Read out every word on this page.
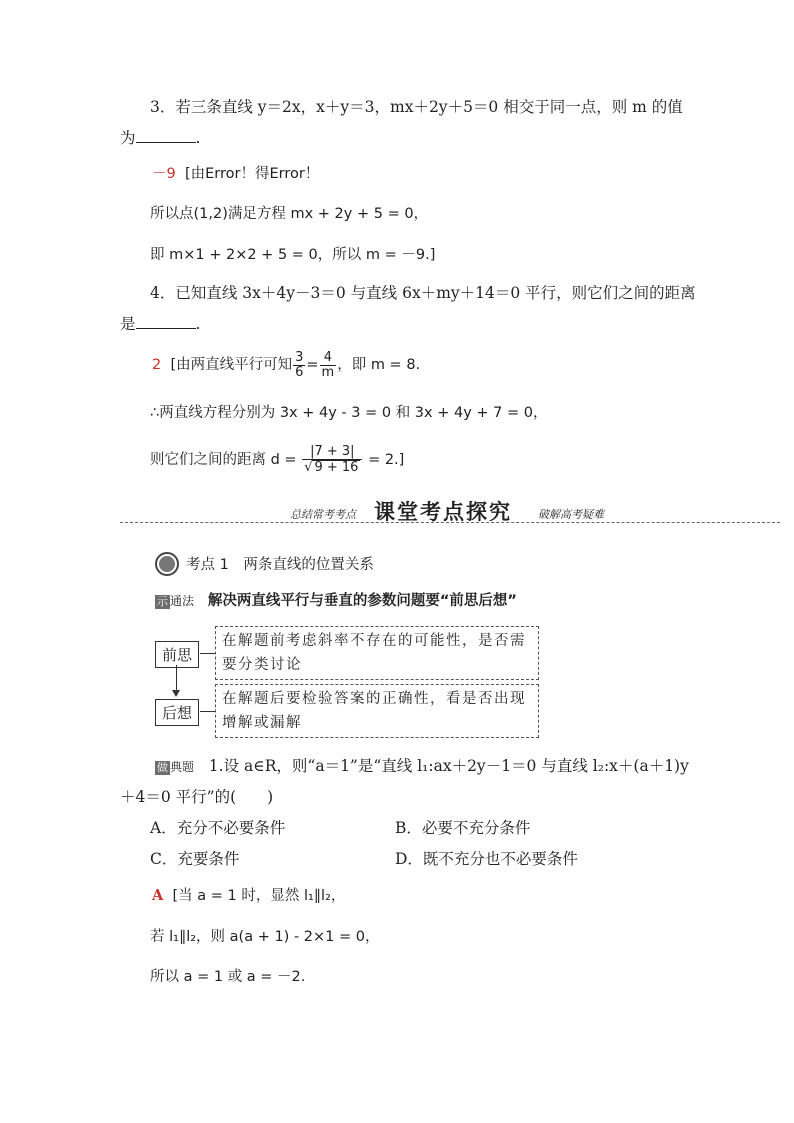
3．若三条直线 y＝2x，x＋y＝3，mx＋2y＋5＝0 相交于同一点，则 m 的值
为	.
－9 [由Error！得Error！
所以点(1,2)满足方程 mx + 2y + 5 = 0，
即 m×1 + 2×2 + 5 = 0，所以 m = －9.]
4．已知直线 3x＋4y－3＝0 与直线 6x＋my＋14＝0 平行，则它们之间的距离
是	.
2 [由两直线平行可知 $\frac{3}{6} = \frac{4}{m}$ ，即 m = 8.
∴两直线方程分别为 3x + 4y - 3 = 0 和 3x + 4y + 7 = 0，
则它们之间的距离 $d = \frac{|7 + 3|}{√ 9 + 16} = 2$.]
总结常考考点 课堂考点探究 破解高考疑难
考点 1　两条直线的位置关系
示 通法 解决两直线平行与垂直的参数问题要“前思后想”
前思
在解题前考虑斜率不存在的可能性，是否需要分类讨论
后想
在解题后要检验答案的正确性，看是否出现增解或漏解
做 典题 1.设 a∈R，则“a＝1”是“直线 l₁:ax＋2y－1＝0 与直线 l₂:x＋(a＋1)y
＋4＝0 平行”的(　　)
A．充分不必要条件	B．必要不充分条件
C．充要条件	D．既不充分也不必要条件
A [当 a = 1 时，显然 l₁∥l₂，
若 l₁∥l₂，则 a(a + 1) - 2×1 = 0，
所以 a = 1 或 a = －2.
